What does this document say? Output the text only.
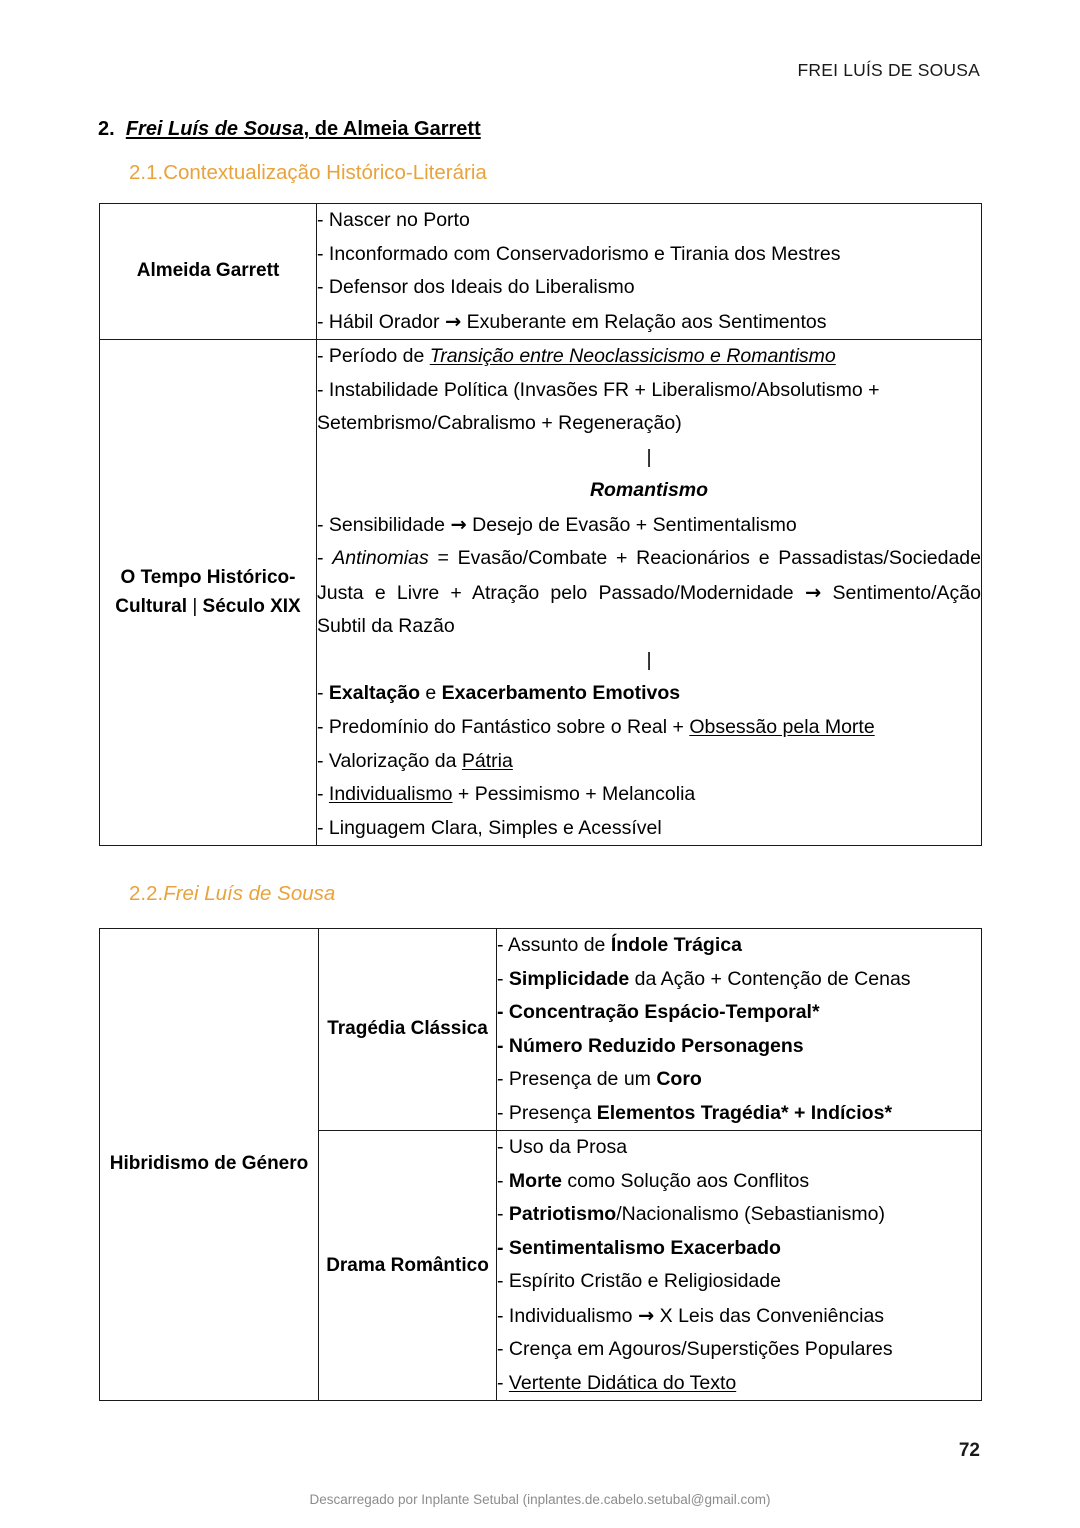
FREI LUÍS DE SOUSA
2. Frei Luís de Sousa, de Almeia Garrett
2.1.Contextualização Histórico-Literária
Almeida Garrett	- Nascer no Porto
- Inconformado com Conservadorismo e Tirania dos Mestres
- Defensor dos Ideais do Liberalismo
- Hábil Orador → Exuberante em Relação aos Sentimentos

O Tempo Histórico-Cultural | Século XIX	
- Período de Transição entre Neoclassicismo e Romantismo
- Instabilidade Política (Invasões FR + Liberalismo/Absolutismo + Setembrismo/Cabralismo + Regeneração)
|
Romantismo
- Sensibilidade → Desejo de Evasão + Sentimentalismo
- Antinomias = Evasão/Combate + Reacionários e Passadistas/Sociedade Justa e Livre + Atração pelo Passado/Modernidade → Sentimento/Ação Subtil da Razão
|
- Exaltação e Exacerbamento Emotivos
- Predomínio do Fantástico sobre o Real + Obsessão pela Morte
- Valorização da Pátria
- Individualismo + Pessimismo + Melancolia
- Linguagem Clara, Simples e Acessível
2.2.Frei Luís de Sousa
Hibridismo de Género	Tragédia Clássica	
- Assunto de Índole Trágica
- Simplicidade da Ação + Contenção de Cenas
- Concentração Espácio-Temporal*
- Número Reduzido Personagens
- Presença de um Coro
- Presença Elementos Tragédia* + Indícios*

Drama Romântico	
- Uso da Prosa
- Morte como Solução aos Conflitos
- Patriotismo/Nacionalismo (Sebastianismo)
- Sentimentalismo Exacerbado
- Espírito Cristão e Religiosidade
- Individualismo → X Leis das Conveniências
- Crença em Agouros/Superstições Populares
- Vertente Didática do Texto
72
Descarregado por Inplante Setubal (inplantes.de.cabelo.setubal@gmail.com)
